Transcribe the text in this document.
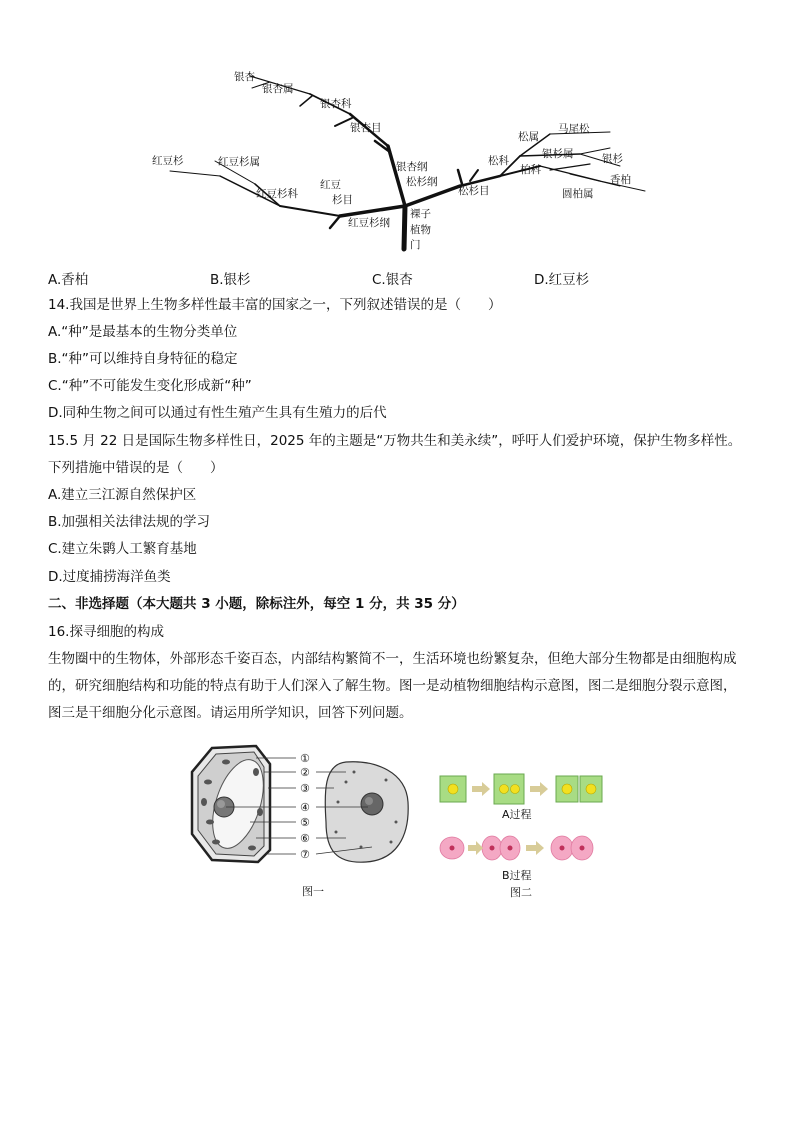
银杏
银杏属
银杏科
银杏目
银杏纲
松杉纲
红豆杉	红豆杉属
红豆杉科
红豆
杉目
红豆杉纲
裸子
植物
门
松属
马尾松
银杉属	银杉
松科
柏科
松杉目
香柏
圆柏属
A.香柏	B.银杉	C.银杏	D.红豆杉
14.我国是世界上生物多样性最丰富的国家之一，下列叙述错误的是（　　）
A.“种”是最基本的生物分类单位
B.“种”可以维持自身特征的稳定
C.“种”不可能发生变化形成新“种”
D.同种生物之间可以通过有性生殖产生具有生殖力的后代
15.5 月 22 日是国际生物多样性日，2025 年的主题是“万物共生和美永续”，呼吁人们爱护环境，保护生物多样性。
下列措施中错误的是（　　）
A.建立三江源自然保护区
B.加强相关法律法规的学习
C.建立朱鹮人工繁育基地
D.过度捕捞海洋鱼类
二、非选择题（本大题共 3 小题，除标注外，每空 1 分，共 35 分）
16.探寻细胞的构成
生物圈中的生物体，外部形态千姿百态，内部结构繁简不一，生活环境也纷繁复杂，但绝大部分生物都是由细胞构成的，研究细胞结构和功能的特点有助于人们深入了解生物。图一是动植物细胞结构示意图，图二是细胞分裂示意图，图三是干细胞分化示意图。请运用所学知识，回答下列问题。
①
②
③
④
⑤
⑥
⑦
图一
A过程
B过程
图二
